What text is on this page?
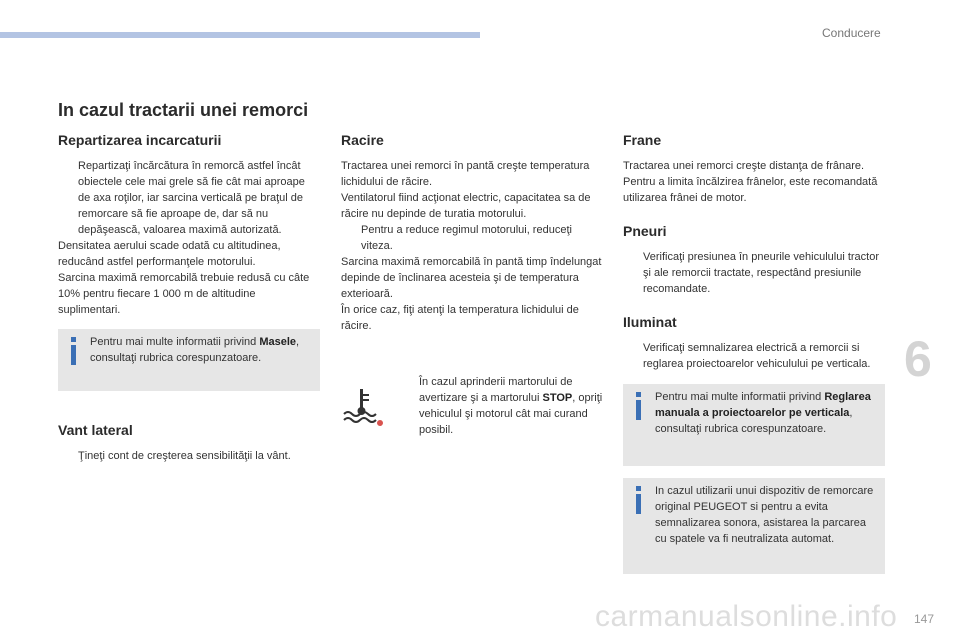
Conducere
In cazul tractarii unei remorci
Repartizarea incarcaturii
Repartizaţi încărcătura în remorcă astfel încât obiectele cele mai grele să fie cât mai aproape de axa roţilor, iar sarcina verticală pe braţul de remorcare să fie aproape de, dar să nu depăşească, valoarea maximă autorizată.

Densitatea aerului scade odată cu altitudinea, reducând astfel performanţele motorului.

Sarcina maximă remorcabilă trebuie redusă cu câte 10% pentru fiecare 1 000 m de altitudine suplimentari.

Pentru mai multe informatii privind Masele, consultaţi rubrica corespunzatoare.
Vant lateral
Ţineţi cont de creşterea sensibilităţii la vânt.
Racire

Tractarea unei remorci în pantă creşte temperatura lichidului de răcire.

Ventilatorul fiind acţionat electric, capacitatea sa de răcire nu depinde de turatia motorului.

Pentru a reduce regimul motorului, reduceţi viteza.

Sarcina maximă remorcabilă în pantă timp îndelungat depinde de înclinarea acesteia şi de temperatura exterioară.

În orice caz, fiţi atenţi la temperatura lichidului de răcire.

În cazul aprinderii martorului de avertizare şi a martorului STOP, opriţi vehiculul şi motorul cât mai curand posibil.
Frane

Tractarea unei remorci creşte distanţa de frânare.

Pentru a limita încălzirea frânelor, este recomandată utilizarea frânei de motor.

Pneuri
Verificaţi presiunea în pneurile vehiculului tractor şi ale remorcii tractate, respectând presiunile recomandate.
Iluminat
Verificaţi semnalizarea electrică a remorcii si reglarea proiectoarelor vehiculului pe verticala.
Pentru mai multe informatii privind Reglarea manuala a proiectoarelor pe verticala, consultaţi rubrica corespunzatoare.
In cazul utilizarii unui dispozitiv de remorcare original PEUGEOT si pentru a evita semnalizarea sonora, asistarea la parcarea cu spatele va fi neutralizata automat.
6
carmanualsonline.info 147
